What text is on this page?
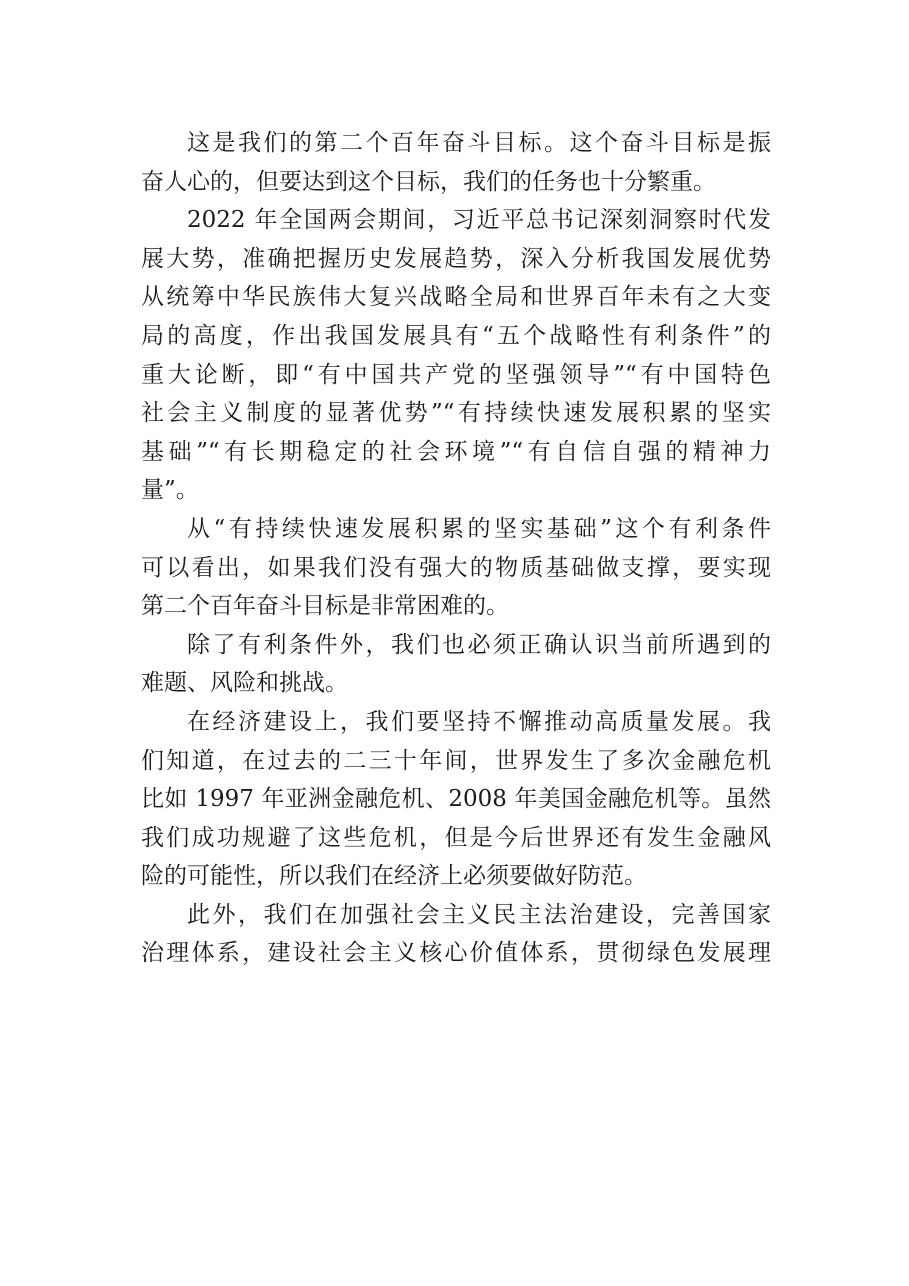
这是我们的第二个百年奋斗目标。这个奋斗目标是振
奋人心的，但要达到这个目标，我们的任务也十分繁重。
2022 年全国两会期间，习近平总书记深刻洞察时代发
展大势，准确把握历史发展趋势，深入分析我国发展优势
从统筹中华民族伟大复兴战略全局和世界百年未有之大变
局的高度，作出我国发展具有“五个战略性有利条件”的
重大论断，即“有中国共产党的坚强领导”“有中国特色
社会主义制度的显著优势”“有持续快速发展积累的坚实
基础”“有长期稳定的社会环境”“有自信自强的精神力
量”。
从“有持续快速发展积累的坚实基础”这个有利条件
可以看出，如果我们没有强大的物质基础做支撑，要实现
第二个百年奋斗目标是非常困难的。
除了有利条件外，我们也必须正确认识当前所遇到的
难题、风险和挑战。
在经济建设上，我们要坚持不懈推动高质量发展。我
们知道，在过去的二三十年间，世界发生了多次金融危机
比如 1997 年亚洲金融危机、2008 年美国金融危机等。虽然
我们成功规避了这些危机，但是今后世界还有发生金融风
险的可能性，所以我们在经济上必须要做好防范。
此外，我们在加强社会主义民主法治建设，完善国家
治理体系，建设社会主义核心价值体系，贯彻绿色发展理
